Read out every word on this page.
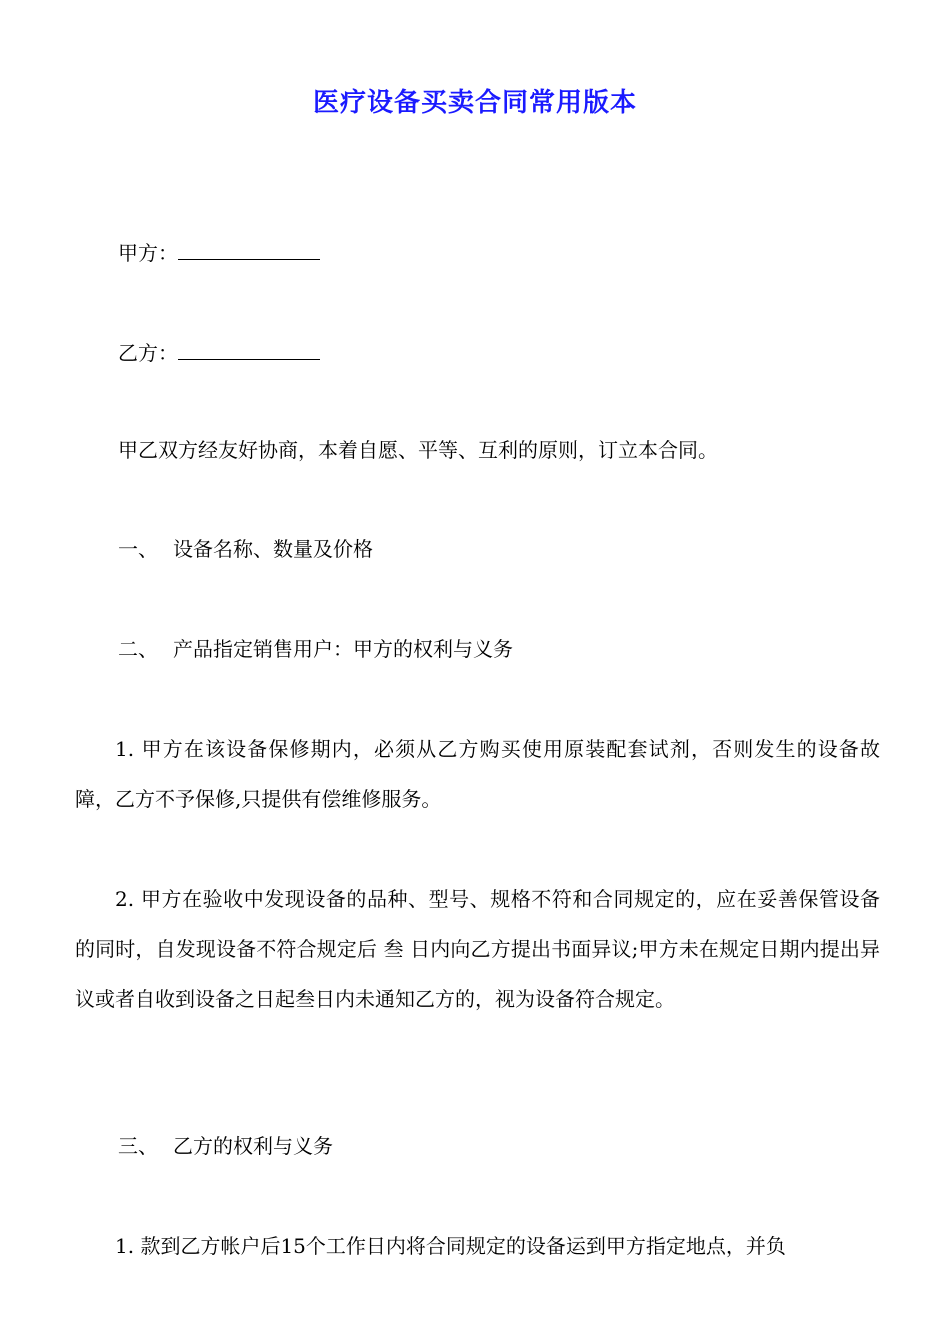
医疗设备买卖合同常用版本
甲方：
乙方：
甲乙双方经友好协商，本着自愿、平等、互利的原则，订立本合同。
一、 设备名称、数量及价格
二、 产品指定销售用户：甲方的权利与义务
1. 甲方在该设备保修期内，必须从乙方购买使用原装配套试剂，否则发生的设备故障，乙方不予保修,只提供有偿维修服务。
2. 甲方在验收中发现设备的品种、型号、规格不符和合同规定的，应在妥善保管设备的同时，自发现设备不符合规定后 叁 日内向乙方提出书面异议;甲方未在规定日期内提出异议或者自收到设备之日起叁日内未通知乙方的，视为设备符合规定。
三、 乙方的权利与义务
1. 款到乙方帐户后15个工作日内将合同规定的设备运到甲方指定地点，并负
